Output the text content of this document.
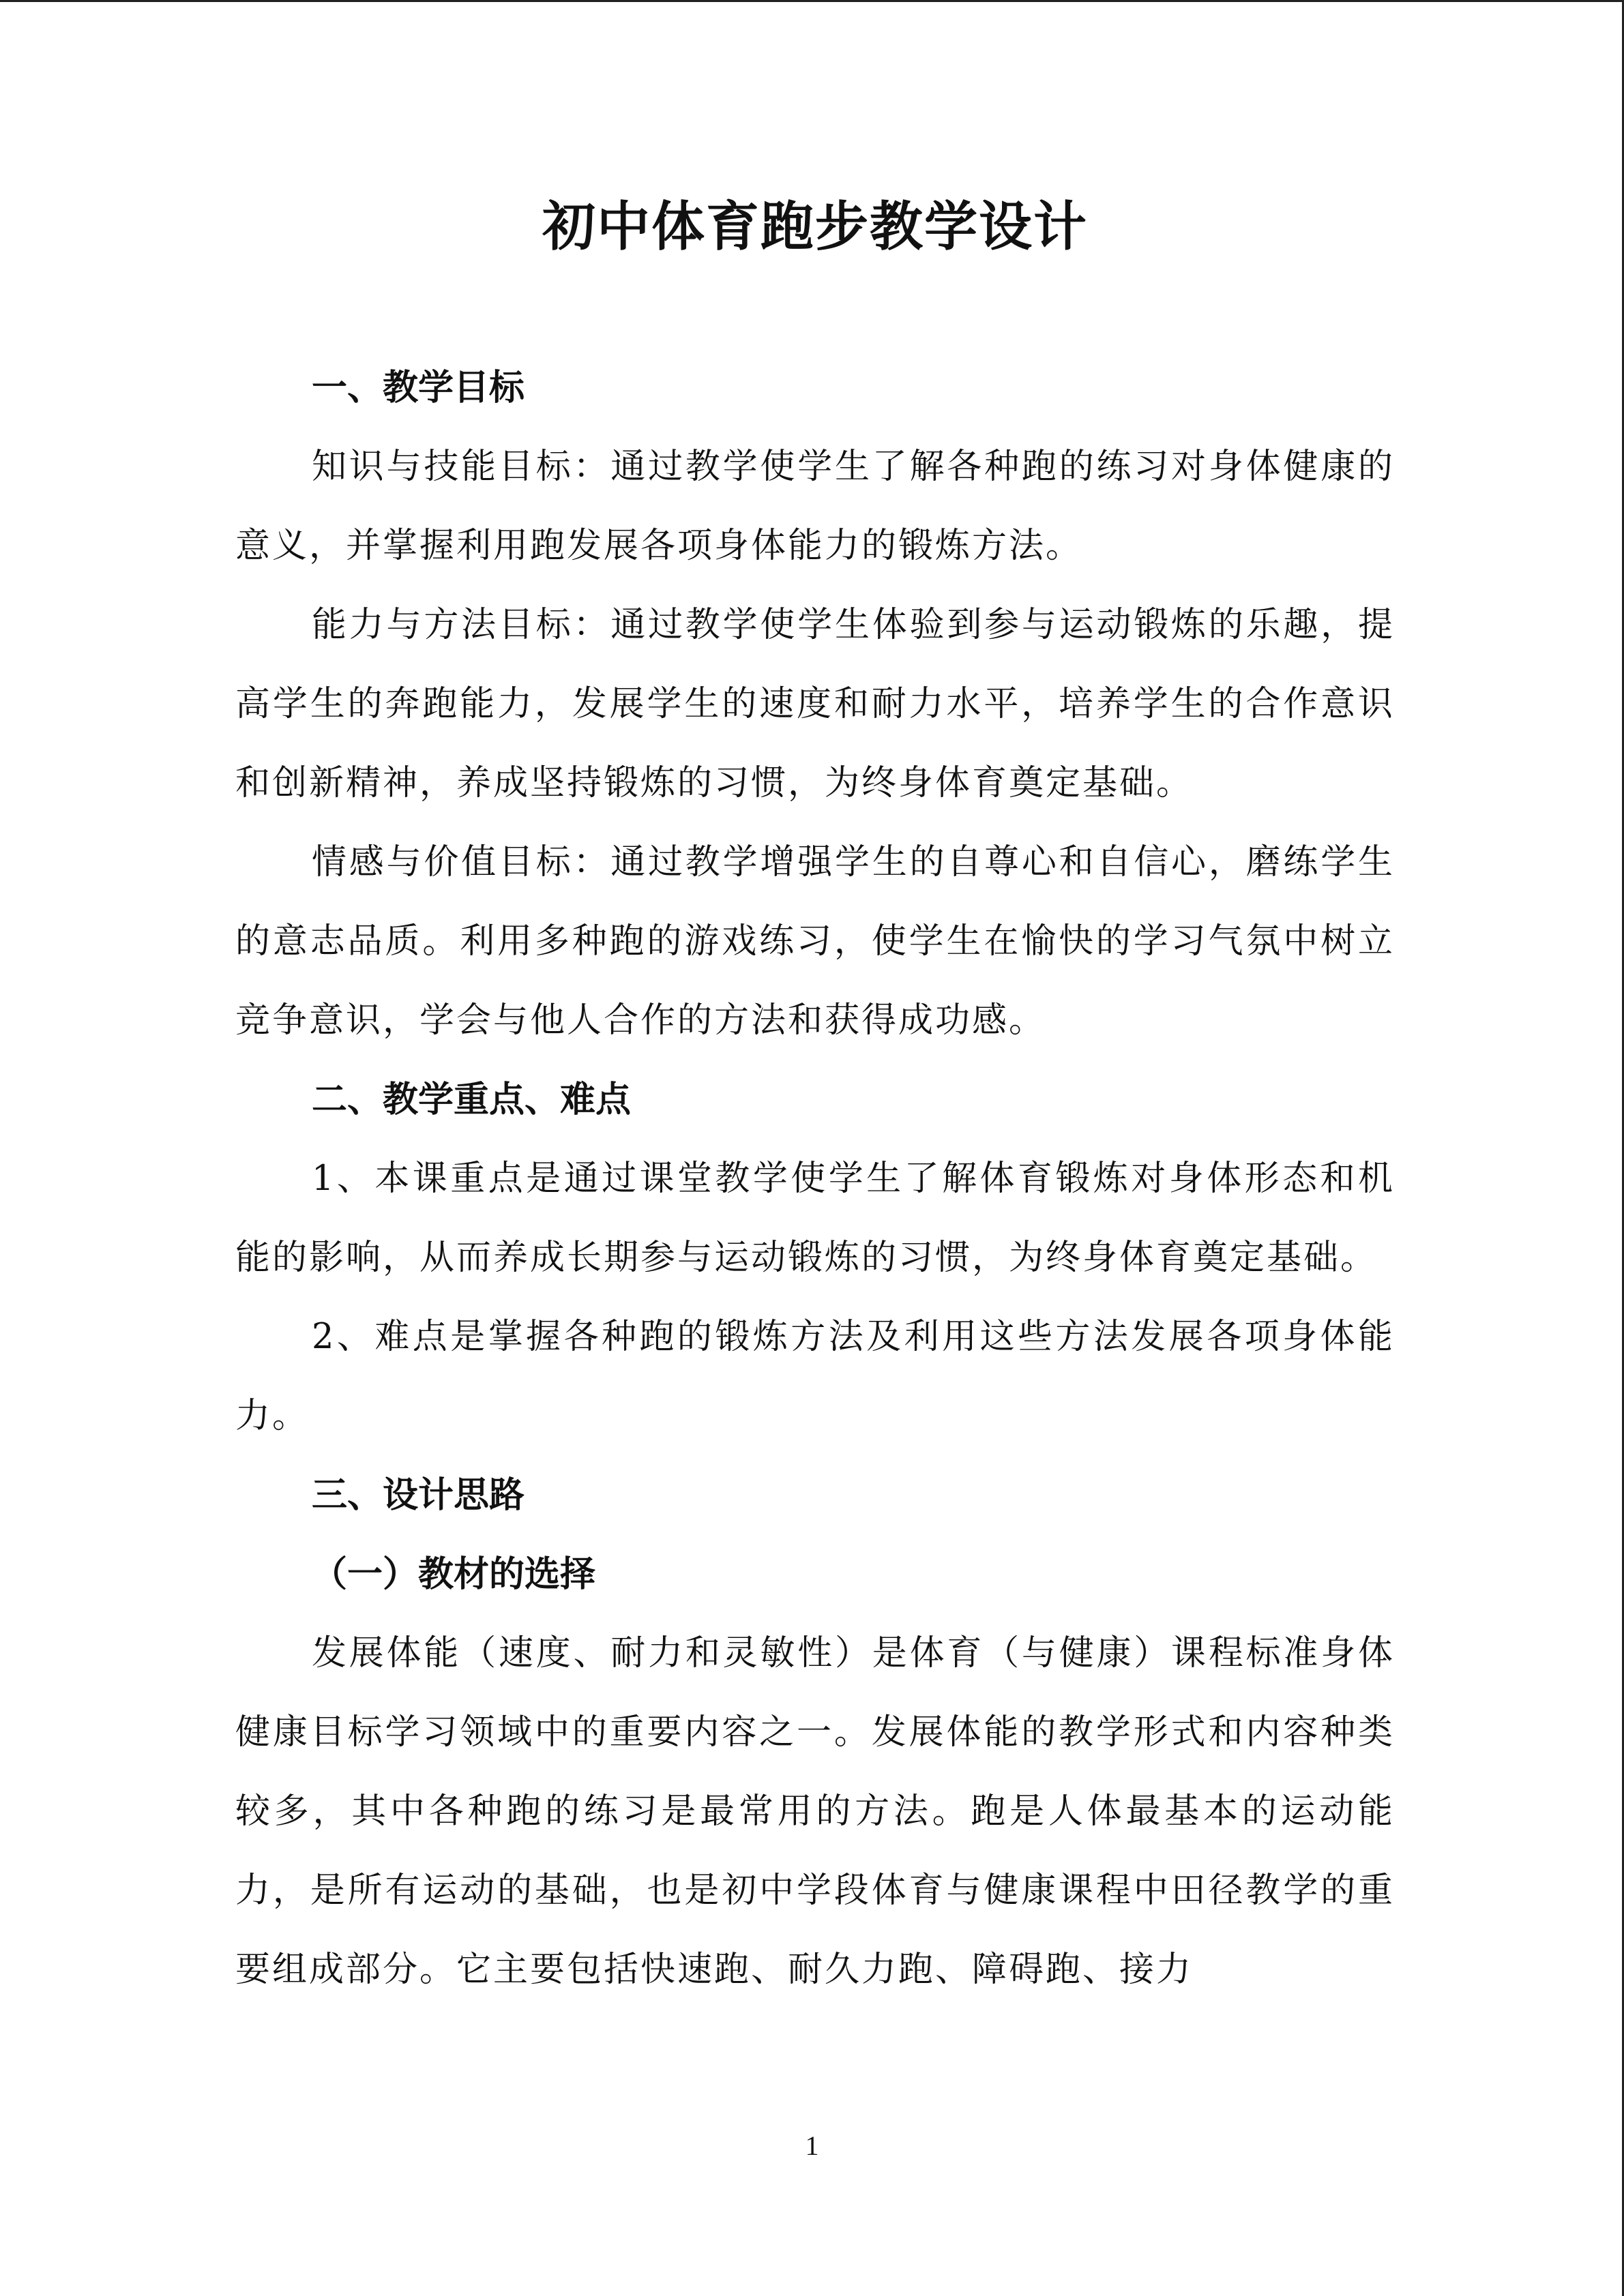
初中体育跑步教学设计
一、教学目标

知识与技能目标：通过教学使学生了解各种跑的练习对身体健康的意义，并掌握利用跑发展各项身体能力的锻炼方法。

能力与方法目标：通过教学使学生体验到参与运动锻炼的乐趣，提高学生的奔跑能力，发展学生的速度和耐力水平，培养学生的合作意识和创新精神，养成坚持锻炼的习惯，为终身体育奠定基础。

情感与价值目标：通过教学增强学生的自尊心和自信心，磨练学生的意志品质。利用多种跑的游戏练习，使学生在愉快的学习气氛中树立竞争意识，学会与他人合作的方法和获得成功感。

二、教学重点、难点

1、本课重点是通过课堂教学使学生了解体育锻炼对身体形态和机能的影响，从而养成长期参与运动锻炼的习惯，为终身体育奠定基础。

2、难点是掌握各种跑的锻炼方法及利用这些方法发展各项身体能力。

三、设计思路
（一）教材的选择

发展体能（速度、耐力和灵敏性）是体育（与健康）课程标准身体健康目标学习领域中的重要内容之一。发展体能的教学形式和内容种类较多，其中各种跑的练习是最常用的方法。跑是人体最基本的运动能力，是所有运动的基础，也是初中学段体育与健康课程中田径教学的重要组成部分。它主要包括快速跑、耐久力跑、障碍跑、接力

1
